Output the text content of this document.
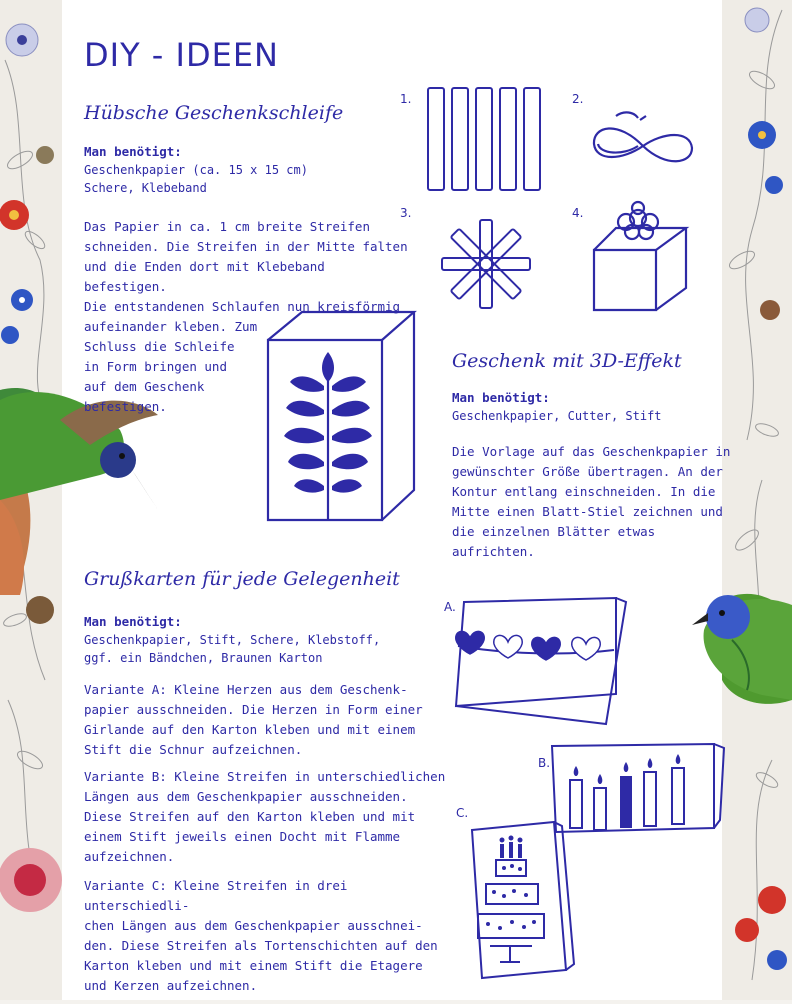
DIY - IDEEN
Hübsche Geschenkschleife
Man benötigt:
Geschenkpapier (ca. 15 x 15 cm)
Schere, Klebeband
Das Papier in ca. 1 cm breite Streifen
schneiden. Die Streifen in der Mitte falten
und die Enden dort mit Klebeband befestigen.
Die entstandenen Schlaufen nun kreisförmig
aufeinander kleben. Zum
Schluss die Schleife
in Form bringen und
auf dem Geschenk
befestigen.
1.	2.
3.	4.
Geschenk mit 3D-Effekt
Man benötigt:
Geschenkpapier, Cutter, Stift
Die Vorlage auf das Geschenkpapier in
gewünschter Größe übertragen. An der
Kontur entlang einschneiden. In die
Mitte einen Blatt-Stiel zeichnen und
die einzelnen Blätter etwas aufrichten.
Grußkarten für jede Gelegenheit
Man benötigt:
Geschenkpapier, Stift, Schere, Klebstoff,
ggf. ein Bändchen, Braunen Karton
Variante A: Kleine Herzen aus dem Geschenk-
papier ausschneiden. Die Herzen in Form einer
Girlande auf den Karton kleben und mit einem
Stift die Schnur aufzeichnen.
Variante B: Kleine Streifen in unterschiedlichen
Längen aus dem Geschenkpapier ausschneiden.
Diese Streifen auf den Karton kleben und mit
einem Stift jeweils einen Docht mit Flamme
aufzeichnen.
Variante C: Kleine Streifen in drei unterschiedli-
chen Längen aus dem Geschenkpapier ausschnei-
den. Diese Streifen als Tortenschichten auf den
Karton kleben und mit einem Stift die Etagere
und Kerzen aufzeichnen.
A.
B.
C.
